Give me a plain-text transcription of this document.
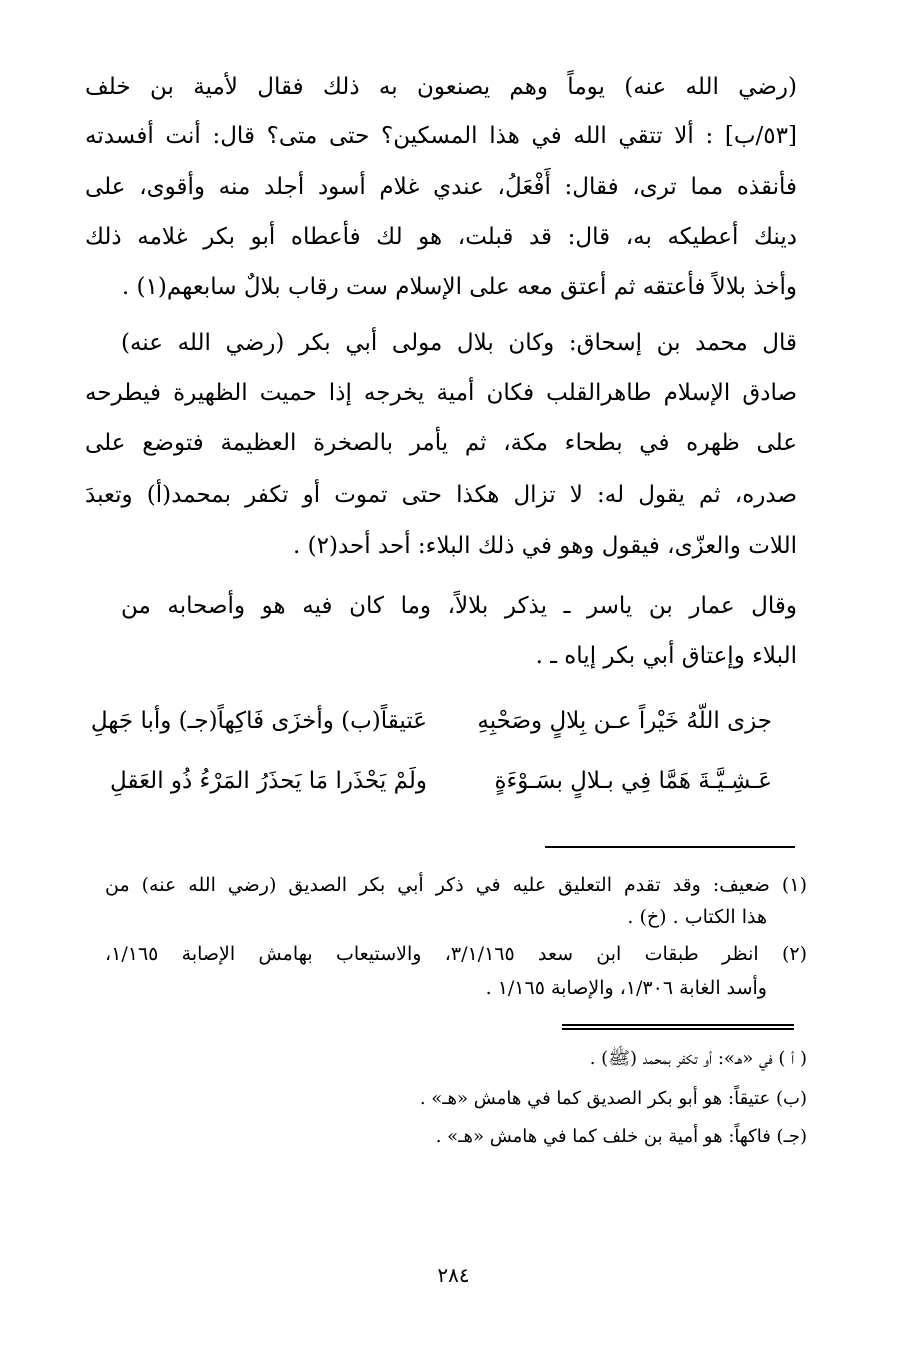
(رضي الله عنه) يوماً وهم يصنعون به ذلك فقال لأمية بن خلف
[٥٣/ب] : ألا تتقي الله في هذا المسكين؟ حتى متى؟ قال: أنت أفسدته
فأنقذه مما ترى، فقال: أَفْعَلُ، عندي غلام أسود أجلد منه وأقوى، على
دينك أعطيكه به، قال: قد قبلت، هو لك فأعطاه أبو بكر غلامه ذلك
وأخذ بلالاً فأعتقه ثم أعتق معه على الإسلام ست رقاب بلالٌ سابعهم(١) .
قال محمد بن إسحاق: وكان بلال مولى أبي بكر (رضي الله عنه)
صادق الإسلام طاهرالقلب فكان أمية يخرجه إذا حميت الظهيرة فيطرحه
على ظهره في بطحاء مكة، ثم يأمر بالصخرة العظيمة فتوضع على
صدره، ثم يقول له: لا تزال هكذا حتى تموت أو تكفر بمحمد(أ) وتعبدَ
اللات والعزّى، فيقول وهو في ذلك البلاء: أحد أحد(٢) .
وقال عمار بن ياسر ـ يذكر بلالاً، وما كان فيه هو وأصحابه من
البلاء وإعتاق أبي بكر إياه ـ .
جزى اللّهُ خَيْراً عـن بِلالٍ وصَحْبِهِ
عَتيقاً(ب) وأخزَى فَاكِهاً(جـ) وأبا جَهلِ
عَـشِـيَّـةَ هَمَّا فِي بـلالٍ بسَـوْءَةٍ
ولَمْ يَحْذَرا مَا يَحذَرُ المَرْءُ ذُو العَقلِ
(١) ضعيف: وقد تقدم التعليق عليه في ذكر أبي بكر الصديق (رضي الله عنه) من
هذا الكتاب . (خ) .
(٢) انظر طبقات ابن سعد ٣/١/١٦٥، والاستيعاب بهامش الإصابة ١/١٦٥،
وأسد الغابة ١/٣٠٦، والإصابة ١/١٦٥ .
( أ ) في «هـ»: أو تكفر بمحمد (ﷺ) .
(ب) عتيقاً: هو أبو بكر الصديق كما في هامش «هـ» .
(جـ) فاكهاً: هو أمية بن خلف كما في هامش «هـ» .
٢٨٤
